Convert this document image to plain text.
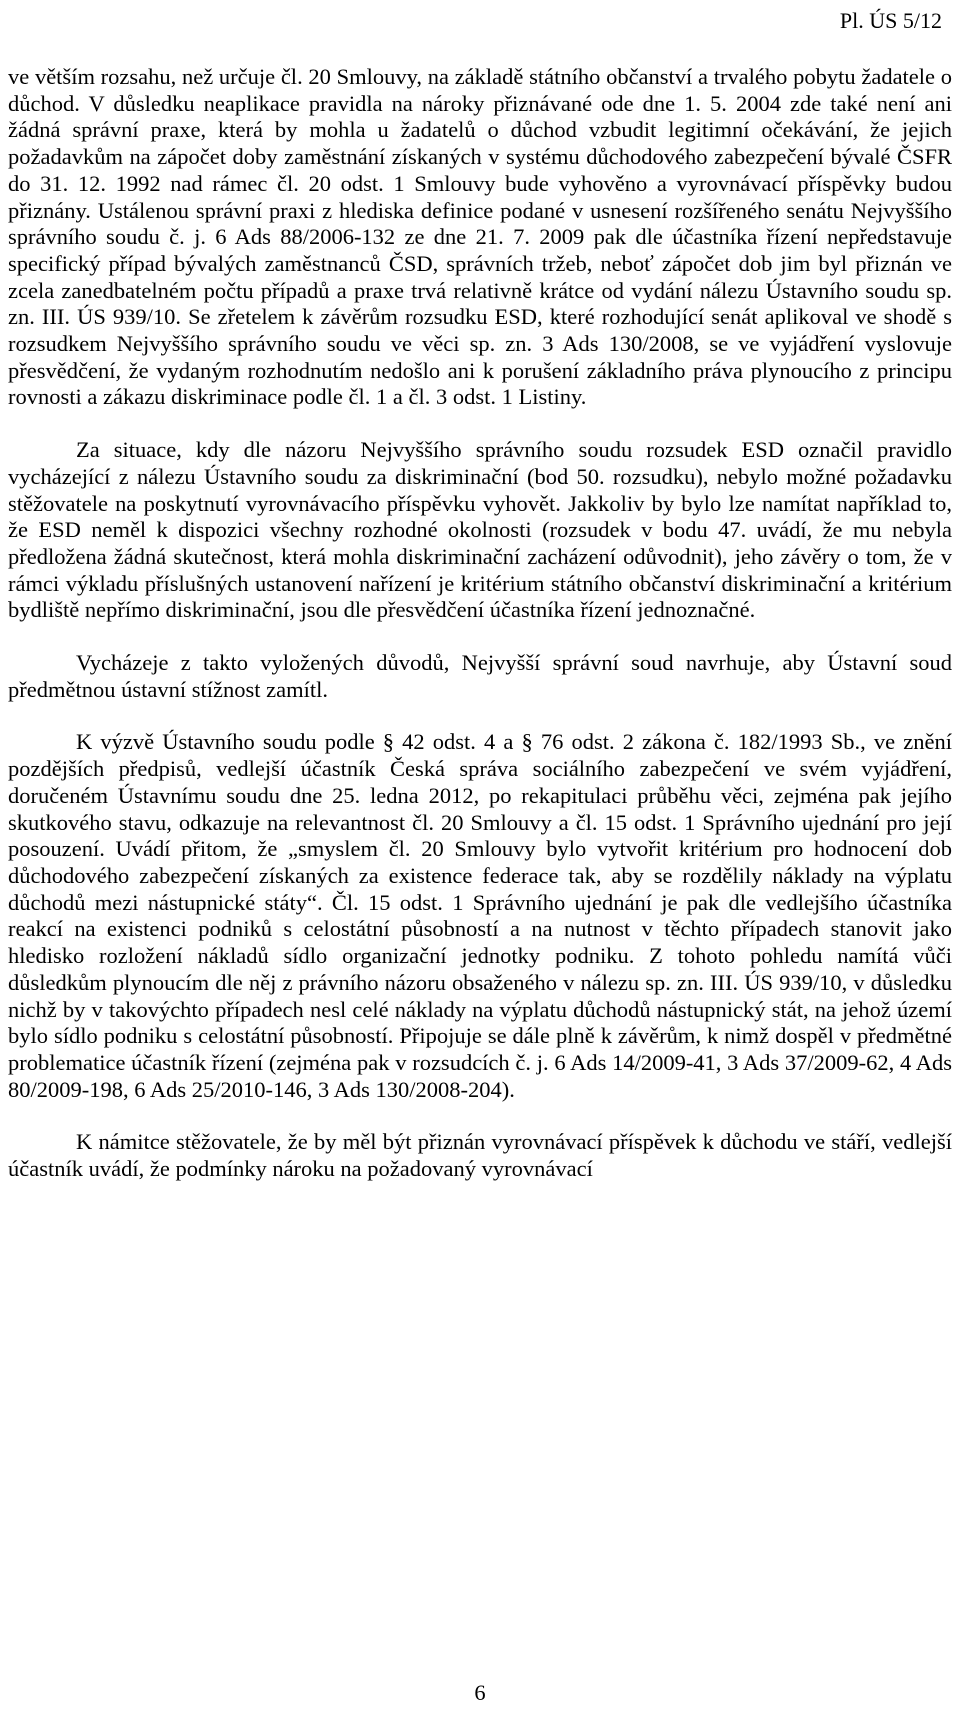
Pl. ÚS 5/12

ve větším rozsahu, než určuje čl. 20 Smlouvy, na základě státního občanství a trvalého pobytu žadatele o důchod. V důsledku neaplikace pravidla na nároky přiznávané ode dne 1. 5. 2004 zde také není ani žádná správní praxe, která by mohla u žadatelů o důchod vzbudit legitimní očekávání, že jejich požadavkům na zápočet doby zaměstnání získaných v systému důchodového zabezpečení bývalé ČSFR do 31. 12. 1992 nad rámec čl. 20 odst. 1 Smlouvy bude vyhověno a vyrovnávací příspěvky budou přiznány. Ustálenou správní praxi z hlediska definice podané v usnesení rozšířeného senátu Nejvyššího správního soudu č. j. 6 Ads 88/2006-132 ze dne 21. 7. 2009 pak dle účastníka řízení nepředstavuje specifický případ bývalých zaměstnanců ČSD, správních tržeb, neboť zápočet dob jim byl přiznán ve zcela zanedbatelném počtu případů a praxe trvá relativně krátce od vydání nálezu Ústavního soudu sp. zn. III. ÚS 939/10. Se zřetelem k závěrům rozsudku ESD, které rozhodující senát aplikoval ve shodě s rozsudkem Nejvyššího správního soudu ve věci sp. zn. 3 Ads 130/2008, se ve vyjádření vyslovuje přesvědčení, že vydaným rozhodnutím nedošlo ani k porušení základního práva plynoucího z principu rovnosti a zákazu diskriminace podle čl. 1 a čl. 3 odst. 1 Listiny.

Za situace, kdy dle názoru Nejvyššího správního soudu rozsudek ESD označil pravidlo vycházející z nálezu Ústavního soudu za diskriminační (bod 50. rozsudku), nebylo možné požadavku stěžovatele na poskytnutí vyrovnávacího příspěvku vyhovět. Jakkoliv by bylo lze namítat například to, že ESD neměl k dispozici všechny rozhodné okolnosti (rozsudek v bodu 47. uvádí, že mu nebyla předložena žádná skutečnost, která mohla diskriminační zacházení odůvodnit), jeho závěry o tom, že v rámci výkladu příslušných ustanovení nařízení je kritérium státního občanství diskriminační a kritérium bydliště nepřímo diskriminační, jsou dle přesvědčení účastníka řízení jednoznačné.

Vycházeje z takto vyložených důvodů, Nejvyšší správní soud navrhuje, aby Ústavní soud předmětnou ústavní stížnost zamítl.

K výzvě Ústavního soudu podle § 42 odst. 4 a § 76 odst. 2 zákona č. 182/1993 Sb., ve znění pozdějších předpisů, vedlejší účastník Česká správa sociálního zabezpečení ve svém vyjádření, doručeném Ústavnímu soudu dne 25. ledna 2012, po rekapitulaci průběhu věci, zejména pak jejího skutkového stavu, odkazuje na relevantnost čl. 20 Smlouvy a čl. 15 odst. 1 Správního ujednání pro její posouzení. Uvádí přitom, že „smyslem čl. 20 Smlouvy bylo vytvořit kritérium pro hodnocení dob důchodového zabezpečení získaných za existence federace tak, aby se rozdělily náklady na výplatu důchodů mezi nástupnické státy“. Čl. 15 odst. 1 Správního ujednání je pak dle vedlejšího účastníka reakcí na existenci podniků s celostátní působností a na nutnost v těchto případech stanovit jako hledisko rozložení nákladů sídlo organizační jednotky podniku. Z tohoto pohledu namítá vůči důsledkům plynoucím dle něj z právního názoru obsaženého v nálezu sp. zn. III. ÚS 939/10, v důsledku nichž by v takovýchto případech nesl celé náklady na výplatu důchodů nástupnický stát, na jehož území bylo sídlo podniku s celostátní působností. Připojuje se dále plně k závěrům, k nimž dospěl v předmětné problematice účastník řízení (zejména pak v rozsudcích č. j. 6 Ads 14/2009-41, 3 Ads 37/2009-62, 4 Ads 80/2009-198, 6 Ads 25/2010-146, 3 Ads 130/2008-204).

K námitce stěžovatele, že by měl být přiznán vyrovnávací příspěvek k důchodu ve stáří, vedlejší účastník uvádí, že podmínky nároku na požadovaný vyrovnávací

6
